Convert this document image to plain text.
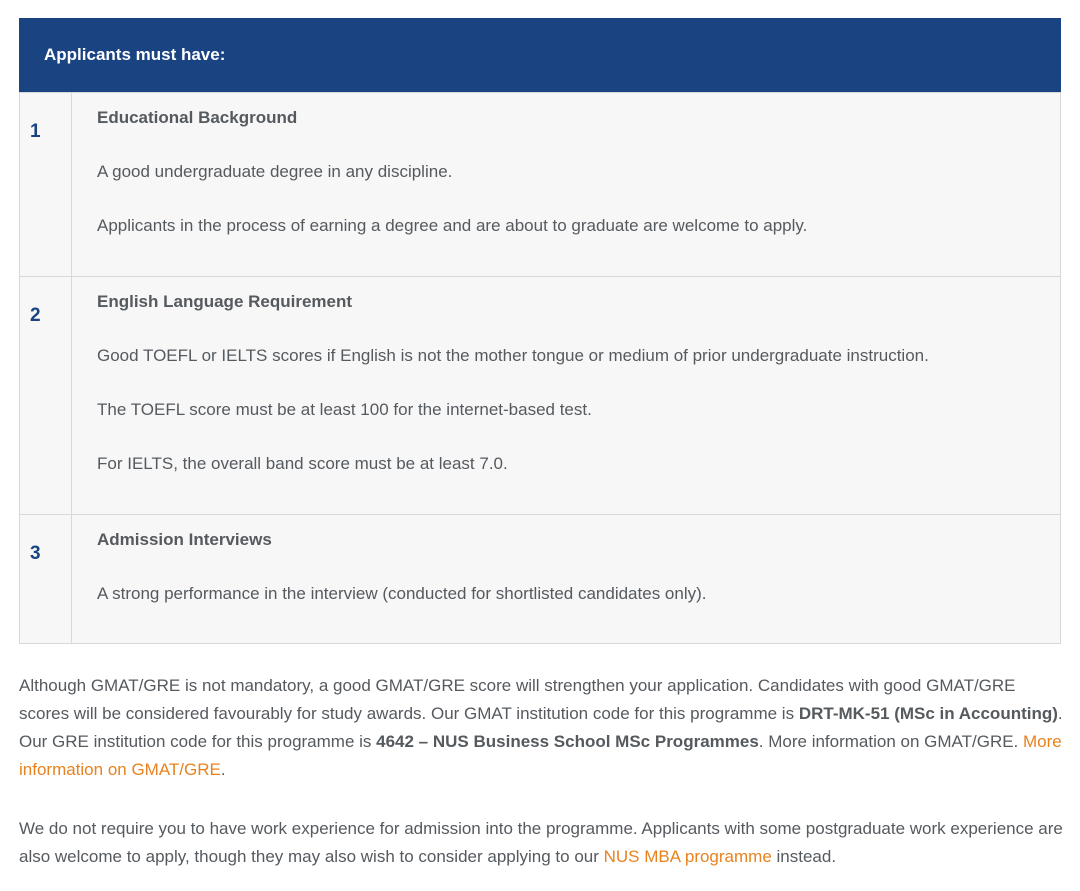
Applicants must have:
1
Educational Background
A good undergraduate degree in any discipline.
Applicants in the process of earning a degree and are about to graduate are welcome to apply.
2
English Language Requirement
Good TOEFL or IELTS scores if English is not the mother tongue or medium of prior undergraduate instruction.
The TOEFL score must be at least 100 for the internet-based test.
For IELTS, the overall band score must be at least 7.0.
3
Admission Interviews
A strong performance in the interview (conducted for shortlisted candidates only).

Although GMAT/GRE is not mandatory, a good GMAT/GRE score will strengthen your application. Candidates with good GMAT/GRE scores will be considered favourably for study awards. Our GMAT institution code for this programme is DRT-MK-51 (MSc in Accounting). Our GRE institution code for this programme is 4642 – NUS Business School MSc Programmes. More information on GMAT/GRE. More information on GMAT/GRE.

We do not require you to have work experience for admission into the programme. Applicants with some postgraduate work experience are also welcome to apply, though they may also wish to consider applying to our NUS MBA programme instead.
